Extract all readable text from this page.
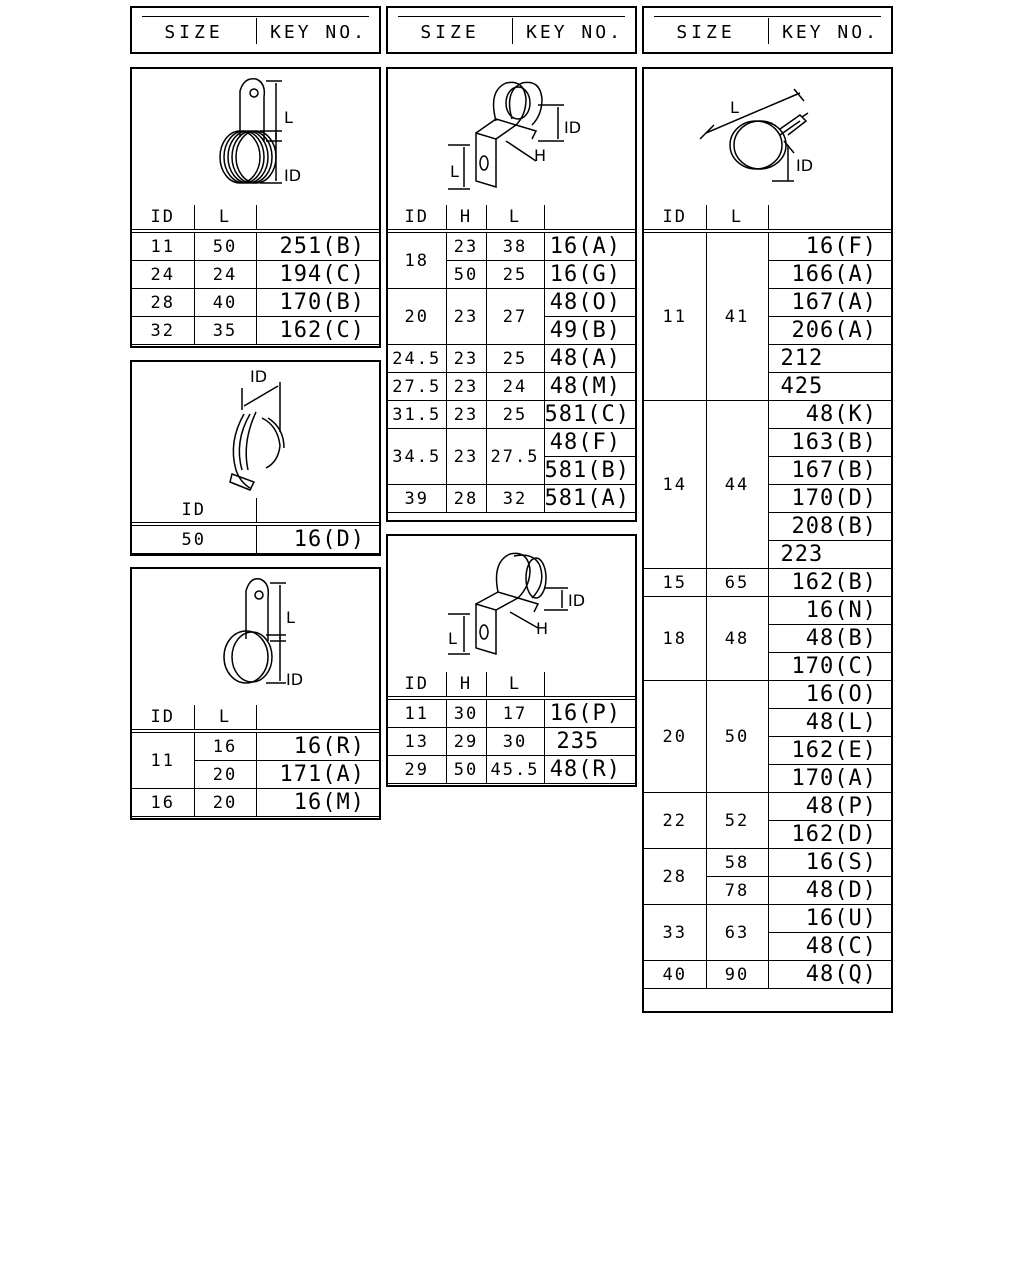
SIZE	KEY NO.	SIZE	KEY NO.	SIZE	KEY NO.
L
ID
ID	L	
11	50	251(B)
24	24	194(C)
28	40	170(B)
32	35	162(C)
ID
ID	
50	16(D)
L
ID
ID	L	
11	16	16(R)
	20	171(A)
16	20	16(M)
L
H
ID
ID	H	L	
18	23	38	16(A)
	50	25	16(G)
20	23	27	48(O)
			49(B)
24.5	23	25	48(A)
27.5	23	24	48(M)
31.5	23	25	581(C)
34.5	23	27.5	48(F)
			581(B)
39	28	32	581(A)
L
H
ID
ID	H	L	
11	30	17	16(P)
13	29	30	235
29	50	45.5	48(R)
L
ID
ID	L	
11	41	16(F)
		166(A)
		167(A)
		206(A)
		212
		425
14	44	48(K)
		163(B)
		167(B)
		170(D)
		208(B)
		223
15	65	162(B)
18	48	16(N)
		48(B)
		170(C)
20	50	16(O)
		48(L)
		162(E)
		170(A)
22	52	48(P)
		162(D)
28	58	16(S)
	78	48(D)
33	63	16(U)
		48(C)
40	90	48(Q)
